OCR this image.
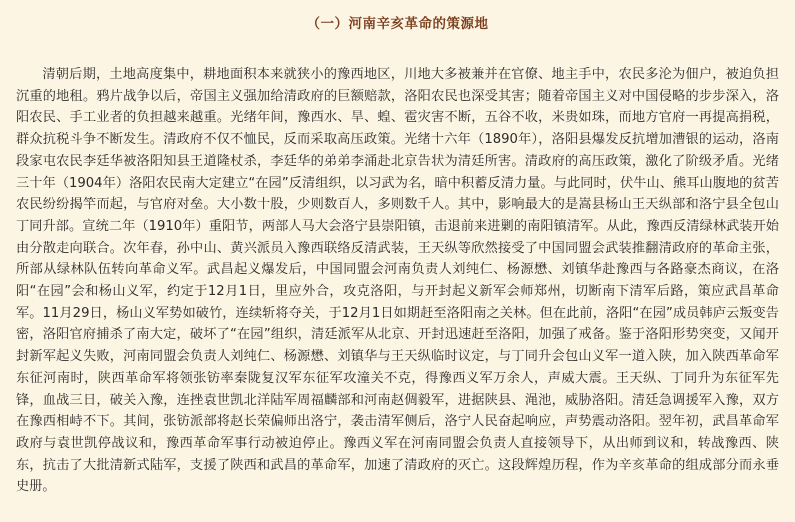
（一）河南辛亥革命的策源地

清朝后期，土地高度集中，耕地面积本来就狭小的豫西地区，川地大多被兼并在官僚、地主手中，农民多沦为佃户，被迫负担沉重的地租。鸦片战争以后，帝国主义强加给清政府的巨额赔款，洛阳农民也深受其害；随着帝国主义对中国侵略的步步深入，洛阳农民、手工业者的负担越来越重。光绪年间，豫西水、旱、蝗、雹灾害不断，五谷不收，米贵如珠，而地方官府一再提高捐税，群众抗税斗争不断发生。清政府不仅不恤民，反而采取高压政策。光绪十六年（1890年），洛阳县爆发反抗增加漕银的运动，洛南段家屯农民李廷华被洛阳知县王道隆杖杀，李廷华的弟弟李涌赴北京告状为清廷所害。清政府的高压政策，激化了阶级矛盾。光绪三十年（1904年）洛阳农民南大定建立“在园”反清组织，以习武为名，暗中积蓄反清力量。与此同时，伏牛山、熊耳山腹地的贫苦农民纷纷揭竿而起，与官府对垒。大小数十股，少则数百人，多则数千人。其中，影响最大的是嵩县杨山王天纵部和洛宁县全包山丁同升部。宣统二年（1910年）重阳节，两部人马大会洛宁县崇阳镇，击退前来进剿的南阳镇清军。从此，豫西反清绿林武装开始由分散走向联合。次年春，孙中山、黄兴派员入豫西联络反清武装，王天纵等欣然接受了中国同盟会武装推翻清政府的革命主张，所部从绿林队伍转向革命义军。武昌起义爆发后，中国同盟会河南负责人刘纯仁、杨源懋、刘镇华赴豫西与各路豪杰商议，在洛阳“在园”会和杨山义军，约定于12月1日，里应外合，攻克洛阳，与开封起义新军会师郑州，切断南下清军后路，策应武昌革命军。11月29日，杨山义军势如破竹，连续斩将夺关，于12月1日如期赶至洛阳南之关林。但在此前，洛阳“在园”成员韩庐云叛变告密，洛阳官府捕杀了南大定，破坏了“在园”组织，清廷派军从北京、开封迅速赶至洛阳，加强了戒备。鉴于洛阳形势突变，又闻开封新军起义失败，河南同盟会负责人刘纯仁、杨源懋、刘镇华与王天纵临时议定，与丁同升会包山义军一道入陕，加入陕西革命军东征河南时，陕西革命军将领张钫率秦陇复汉军东征军攻潼关不克，得豫西义军万余人，声威大震。王天纵、丁同升为东征军先锋，血战三日，破关入豫，连挫袁世凯北洋陆军周福麟部和河南赵倜毅军，进据陕县、渑池，威胁洛阳。清廷急调援军入豫，双方在豫西相峙不下。其间，张钫派部将赵长荣偏师出洛宁，袭击清军侧后，洛宁人民奋起响应，声势震动洛阳。翌年初，武昌革命军政府与袁世凯停战议和，豫西革命军事行动被迫停止。豫西义军在河南同盟会负责人直接领导下，从出师到议和，转战豫西、陕东，抗击了大批清新式陆军，支援了陕西和武昌的革命军，加速了清政府的灭亡。这段辉煌历程，作为辛亥革命的组成部分而永垂史册。
